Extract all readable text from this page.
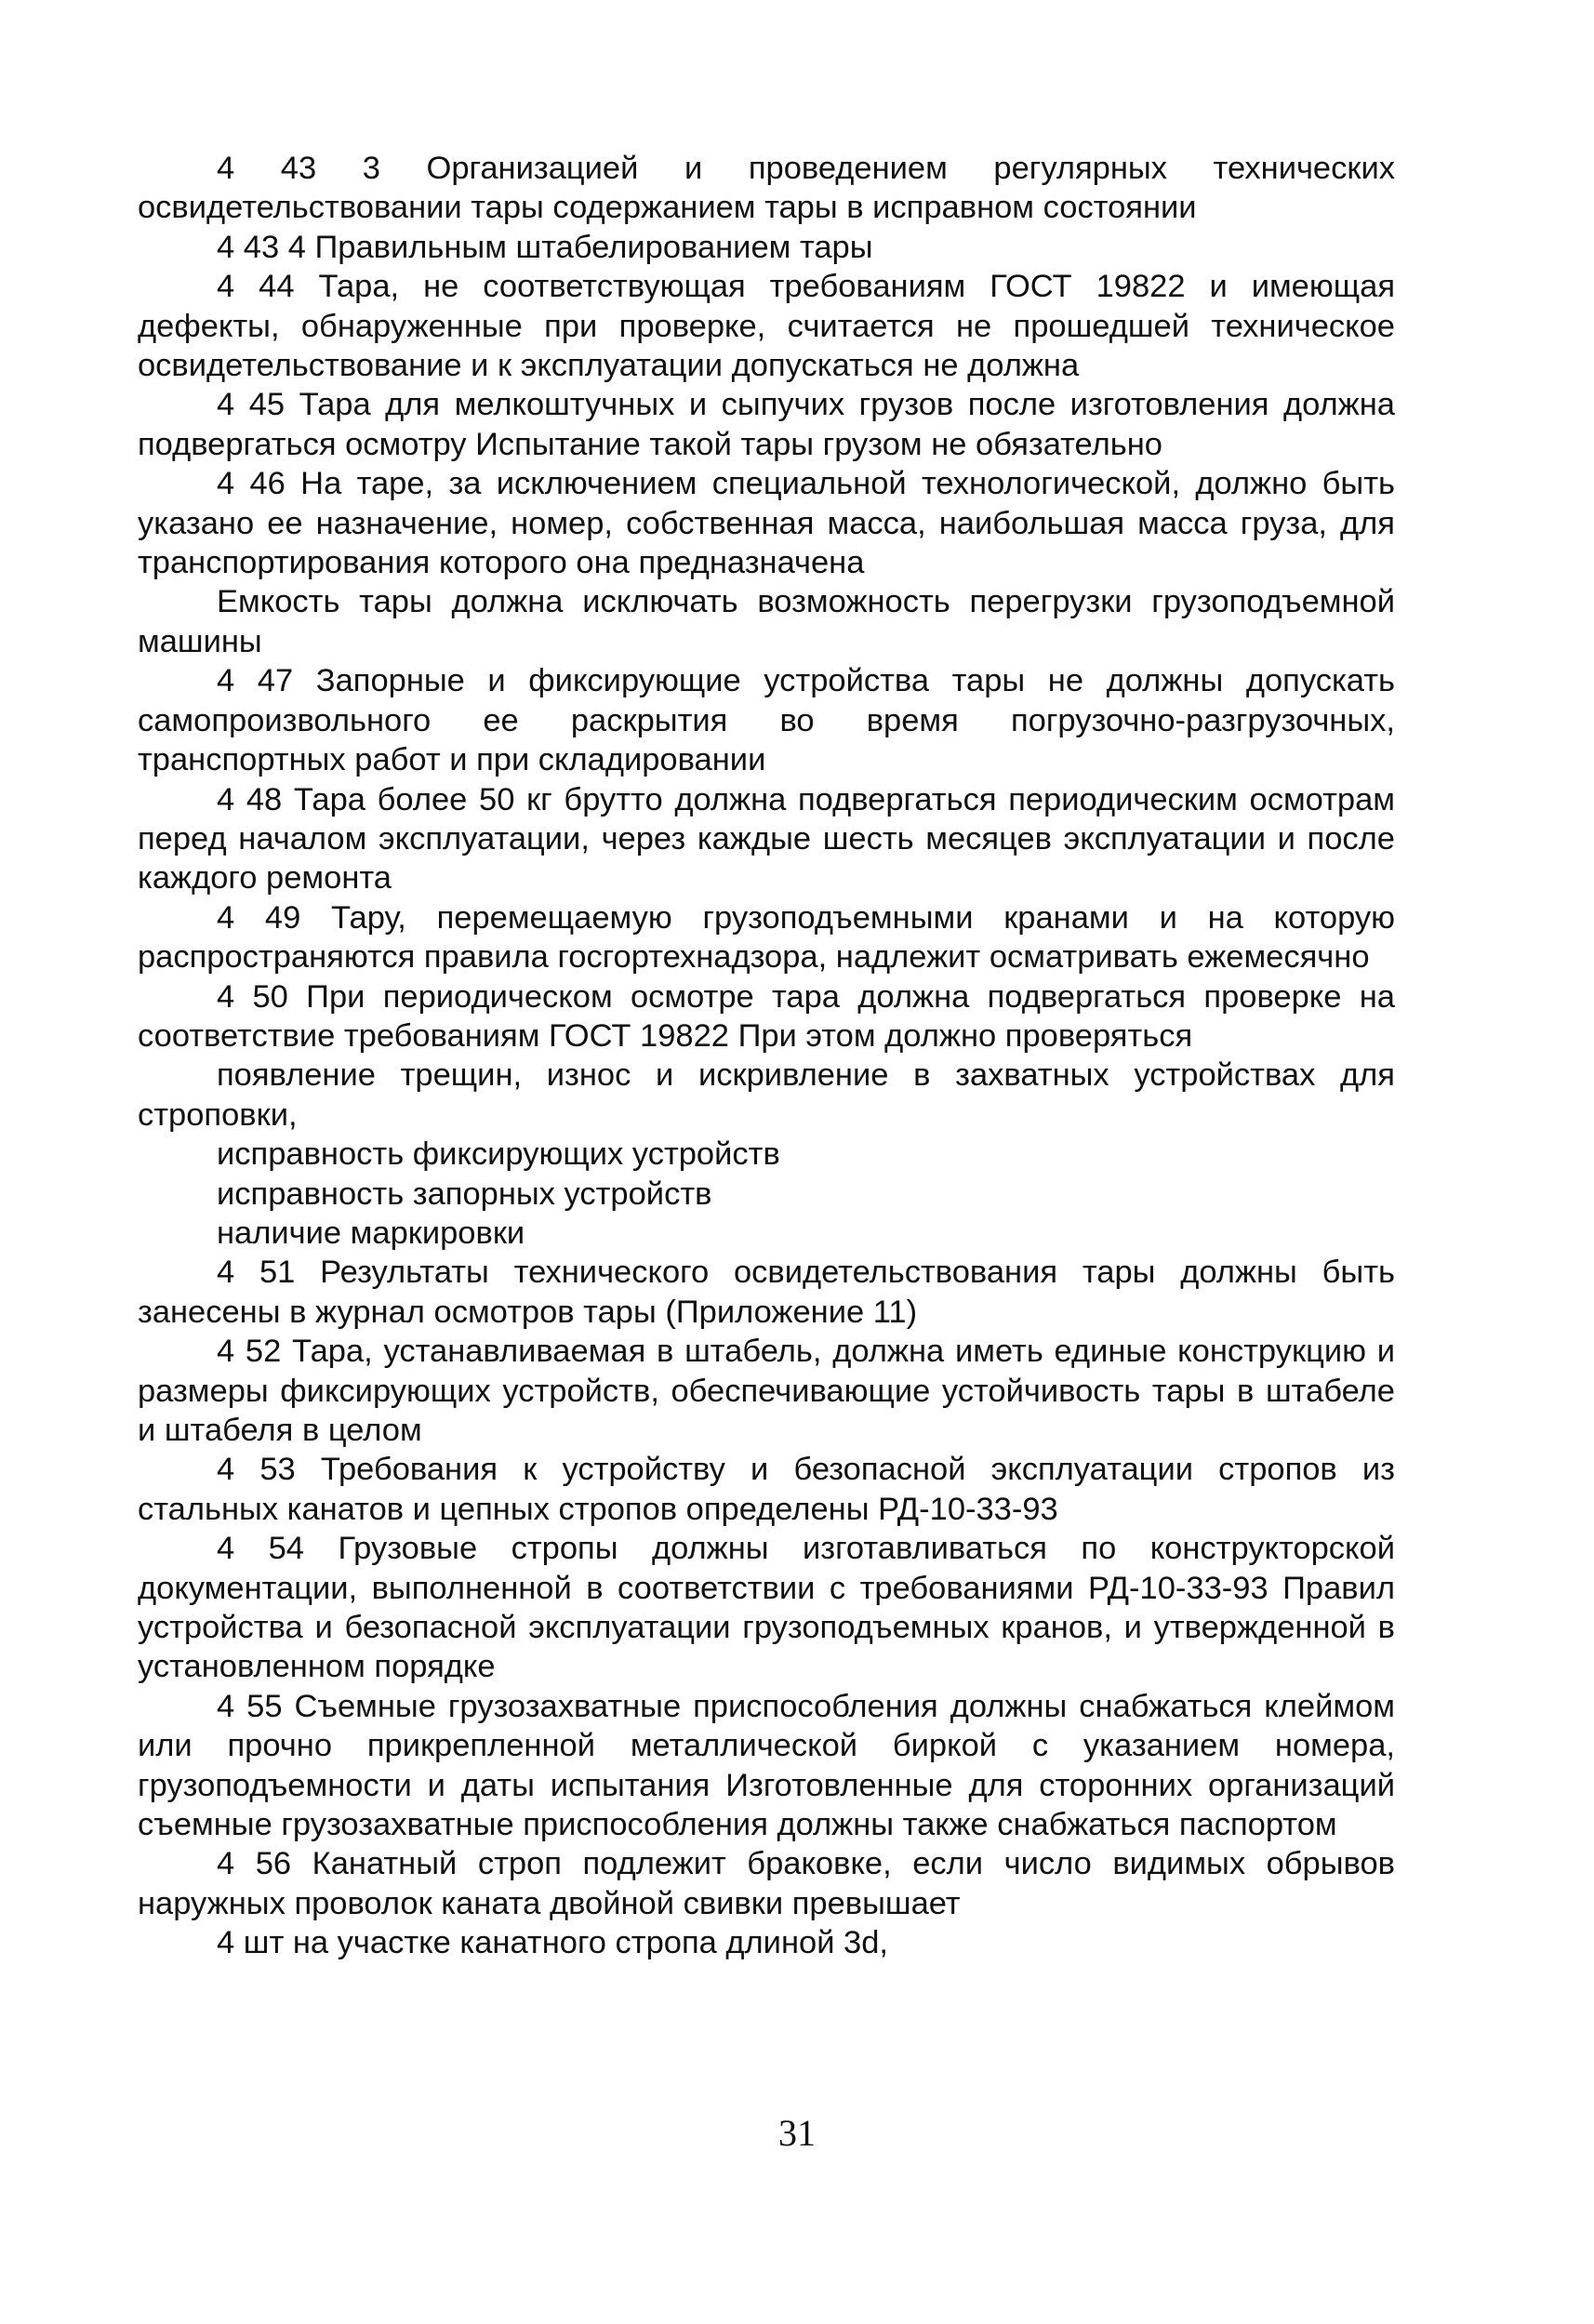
4 43 3 Организацией и проведением регулярных технических освидетельствовании тары содержанием тары в исправном состоянии

4 43 4 Правильным штабелированием тары

4 44 Тара, не соответствующая требованиям ГОСТ 19822 и имеющая дефекты, обнаруженные при проверке, считается не прошедшей техническое освидетельствование и к эксплуатации допускаться не должна

4 45 Тара для мелкоштучных и сыпучих грузов после изготовления должна подвергаться осмотру Испытание такой тары грузом не обязательно

4 46 На таре, за исключением специальной технологической, должно быть указано ее назначение, номер, собственная масса, наибольшая масса груза, для транспортирования которого она предназначена

Емкость тары должна исключать возможность перегрузки грузоподъемной машины

4 47 Запорные и фиксирующие устройства тары не должны допускать самопроизвольного ее раскрытия во время погрузочно-разгрузочных, транспортных работ и при складировании

4 48 Тара более 50 кг брутто должна подвергаться периодическим осмотрам перед началом эксплуатации, через каждые шесть месяцев эксплуатации и после каждого ремонта

4 49 Тару, перемещаемую грузоподъемными кранами и на которую распространяются правила госгортехнадзора, надлежит осматривать ежемесячно

4 50 При периодическом осмотре тара должна подвергаться проверке на соответствие требованиям ГОСТ 19822 При этом должно проверяться

появление трещин, износ и искривление в захватных устройствах для строповки,

исправность фиксирующих устройств
исправность запорных устройств
наличие маркировки

4 51 Результаты технического освидетельствования тары должны быть занесены в журнал осмотров тары (Приложение 11)

4 52 Тара, устанавливаемая в штабель, должна иметь единые конструкцию и размеры фиксирующих устройств, обеспечивающие устойчивость тары в штабеле и штабеля в целом

4 53 Требования к устройству и безопасной эксплуатации стропов из стальных канатов и цепных стропов определены РД-10-33-93

4 54 Грузовые стропы должны изготавливаться по конструкторской документации, выполненной в соответствии с требованиями РД-10-33-93 Правил устройства и безопасной эксплуатации грузоподъемных кранов, и утвержденной в установленном порядке

4 55 Съемные грузозахватные приспособления должны снабжаться клеймом или прочно прикрепленной металлической биркой с указанием номера, грузоподъемности и даты испытания Изготовленные для сторонних организаций съемные грузозахватные приспособления должны также снабжаться паспортом

4 56 Канатный строп подлежит браковке, если число видимых обрывов наружных проволок каната двойной свивки превышает

4 шт на участке канатного стропа длиной 3d,

31
